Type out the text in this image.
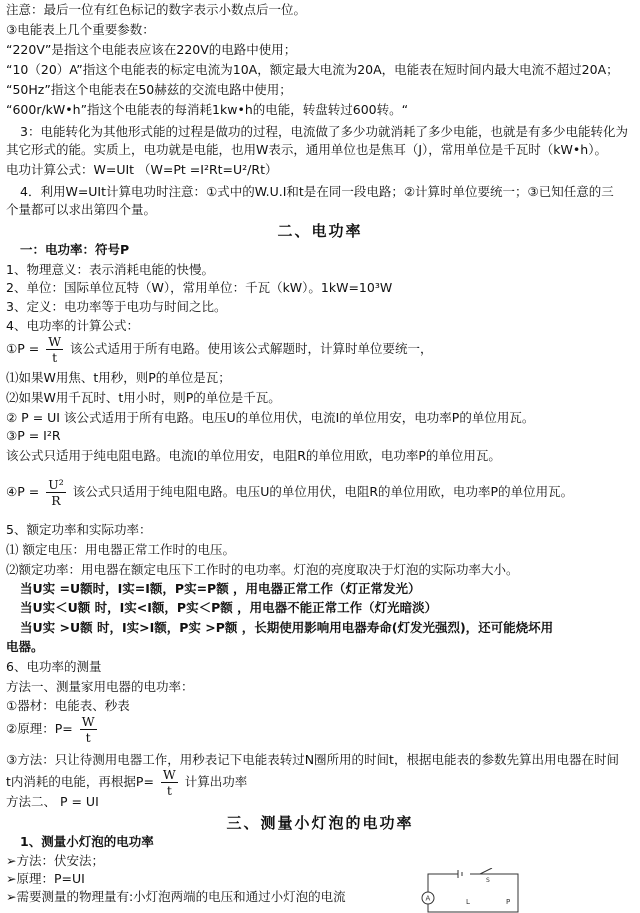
注意：最后一位有红色标记的数字表示小数点后一位。
③电能表上几个重要参数：
“220V”是指这个电能表应该在220V的电路中使用；
“10（20）A”指这个电能表的标定电流为10A，额定最大电流为20A，电能表在短时间内最大电流不超过20A；
“50Hz”指这个电能表在50赫兹的交流电路中使用；
“600r/kW•h”指这个电能表的每消耗1kw•h的电能，转盘转过600转。“
3：电能转化为其他形式能的过程是做功的过程，电流做了多少功就消耗了多少电能，也就是有多少电能转化为
其它形式的能。实质上，电功就是电能，也用W表示，通用单位也是焦耳（J），常用单位是千瓦时（kW•h）。
电功计算公式：W=UIt （W=Pt =I²Rt=U²/Rt）
4．利用W=UIt计算电功时注意：①式中的W.U.I和t是在同一段电路；②计算时单位要统一；③已知任意的三
个量都可以求出第四个量。
二、电功率
一：电功率：符号P
1、物理意义：表示消耗电能的快慢。
2、单位：国际单位瓦特（W），常用单位：千瓦（kW）。1kW=10³W
3、定义：电功率等于电功与时间之比。
4、电功率的计算公式：
①P = $\frac{W}{t}$ 该公式适用于所有电路。使用该公式解题时，计算时单位要统一，
⑴如果W用焦、t用秒，则P的单位是瓦；
⑵如果W用千瓦时、t用小时，则P的单位是千瓦。
② P = UI 该公式适用于所有电路。电压U的单位用伏，电流I的单位用安，电功率P的单位用瓦。
③P = I²R
该公式只适用于纯电阻电路。电流I的单位用安，电阻R的单位用欧，电功率P的单位用瓦。
④P = $\frac{\text{U²}}{R}$ 该公式只适用于纯电阻电路。电压U的单位用伏，电阻R的单位用欧，电功率P的单位用瓦。
5、额定功率和实际功率：
⑴ 额定电压：用电器正常工作时的电压。
⑵额定功率：用电器在额定电压下工作时的电功率。灯泡的亮度取决于灯泡的实际功率大小。
当U实 =U额时，I实=I额，P实=P额 ，用电器正常工作（灯正常发光）
当U实＜U额 时，I实<I额，P实＜P额 ，用电器不能正常工作（灯光暗淡）
当U实 >U额 时，I实>I额，P实 >P额 ，长期使用影响用电器寿命(灯发光强烈)，还可能烧坏用
电器。
6、电功率的测量
方法一、测量家用电器的电功率：
①器材：电能表、秒表
②原理：$P= \frac{W}{t}$
③方法：只让待测用电器工作，用秒表记下电能表转过N圈所用的时间t，根据电能表的参数先算出用电器在时间
t内消耗的电能，再根据$P= \frac{W}{t}$ 计算出功率
方法二、 P = UI
三、测量小灯泡的电功率
1、测量小灯泡的电功率
➢方法：伏安法；
➢原理：P=UI
➢需要测量的物理量有:小灯泡两端的电压和通过小灯泡的电流
S
A	L	P
